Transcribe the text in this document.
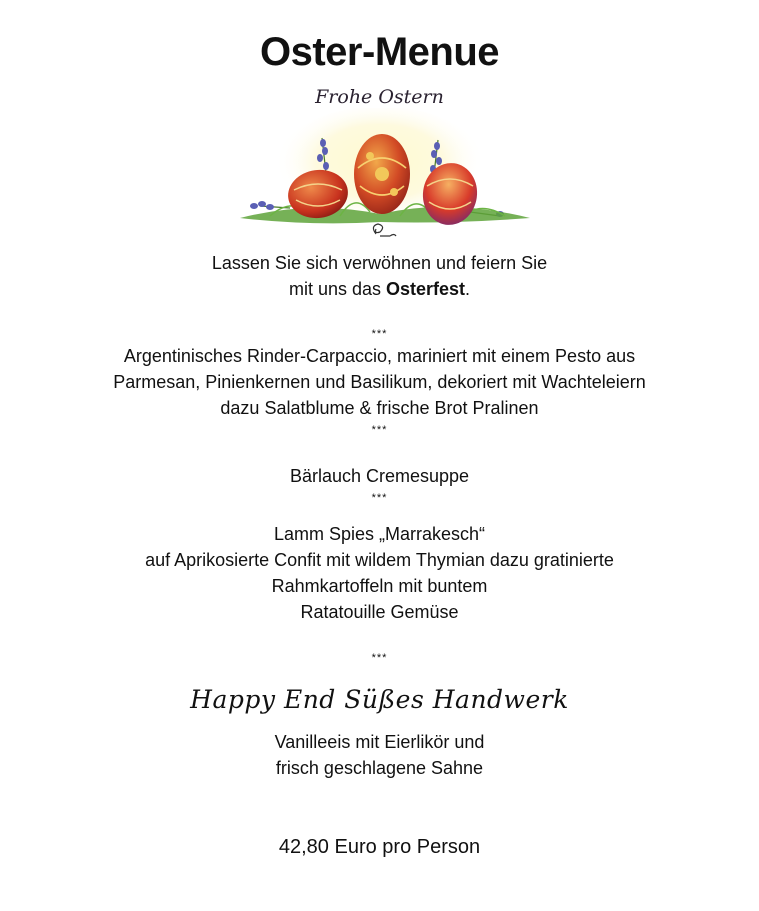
Oster-Menue
Frohe Ostern
Lassen Sie sich verwöhnen und feiern Sie
mit uns das Osterfest.
***
Argentinisches Rinder-Carpaccio, mariniert mit einem Pesto aus
Parmesan, Pinienkernen und Basilikum, dekoriert mit Wachteleiern
dazu Salatblume & frische Brot Pralinen
***
Bärlauch Cremesuppe
***
Lamm Spies „Marrakesch“
auf Aprikosierte Confit mit wildem Thymian dazu gratinierte
Rahmkartoffeln mit buntem
Ratatouille Gemüse
***
Happy End Süßes Handwerk
Vanilleeis mit Eierlikör und
frisch geschlagene Sahne
42,80 Euro pro Person
